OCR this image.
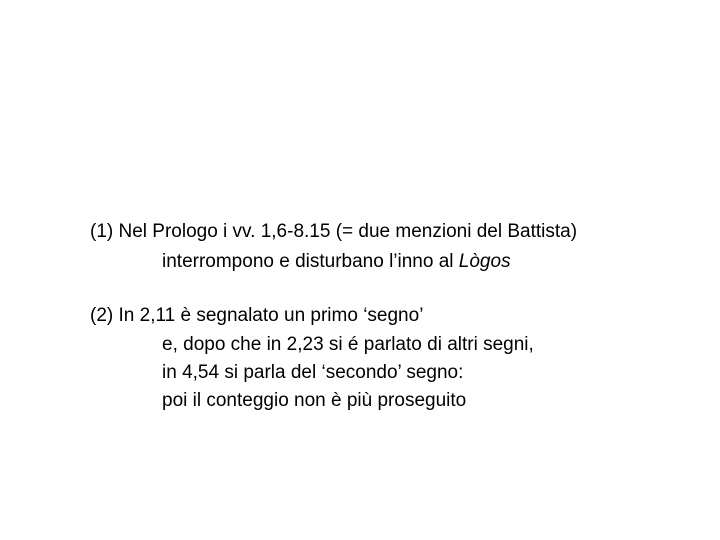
(1) Nel Prologo i vv. 1,6-8.15 (= due menzioni del Battista)
interrompono e disturbano l’inno al Lògos
(2) In 2,11 è segnalato un primo ‘segno’
e, dopo che in 2,23 si é parlato di altri segni,
in 4,54 si parla del ‘secondo’ segno:
poi il conteggio non è più proseguito
